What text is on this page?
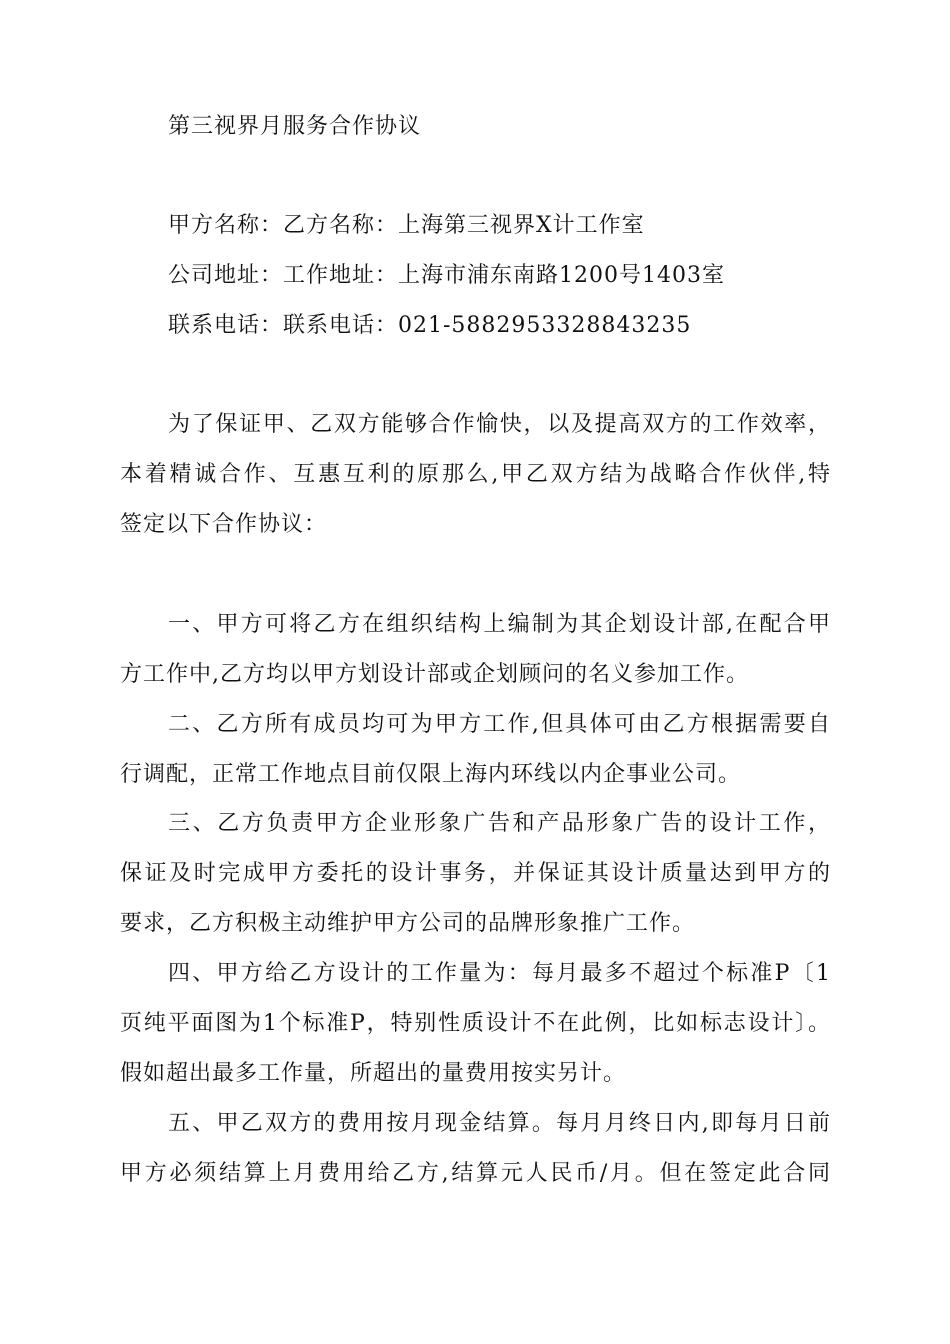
第三视界月服务合作协议
甲方名称：乙方名称：上海第三视界X计工作室
公司地址：工作地址：上海市浦东南路1200号1403室
联系电话：联系电话：021-5882953328843235
为了保证甲、乙双方能够合作愉快，以及提高双方的工作效率，
本着精诚合作、互惠互利的原那么,甲乙双方结为战略合作伙伴,特
签定以下合作协议：
一、甲方可将乙方在组织结构上编制为其企划设计部,在配合甲
方工作中,乙方均以甲方划设计部或企划顾问的名义参加工作。
二、乙方所有成员均可为甲方工作,但具体可由乙方根据需要自
行调配，正常工作地点目前仅限上海内环线以内企事业公司。
三、乙方负责甲方企业形象广告和产品形象广告的设计工作，
保证及时完成甲方委托的设计事务，并保证其设计质量达到甲方的
要求，乙方积极主动维护甲方公司的品牌形象推广工作。
四、甲方给乙方设计的工作量为：每月最多不超过个标准P〔1
页纯平面图为1个标准P，特别性质设计不在此例，比如标志设计〕。
假如超出最多工作量，所超出的量费用按实另计。
五、甲乙双方的费用按月现金结算。每月月终日内,即每月日前
甲方必须结算上月费用给乙方,结算元人民币/月。但在签定此合同
